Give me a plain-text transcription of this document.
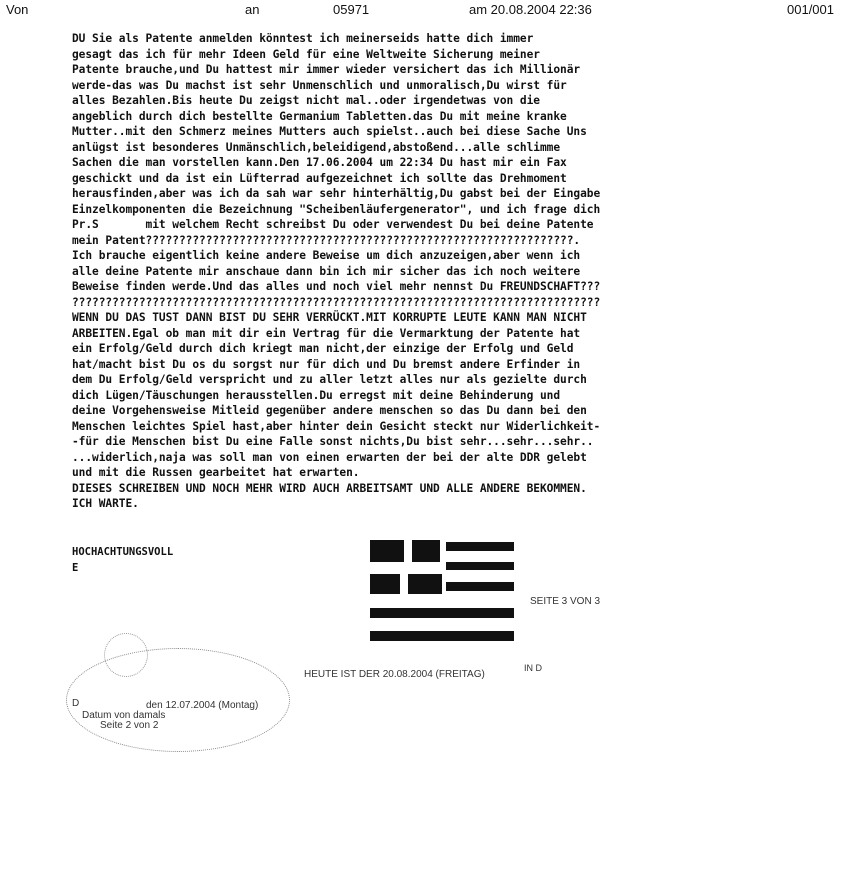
Von	an	05971	am 20.08.2004 22:36	001/001
DU Sie als Patente anmelden könntest ich meinerseids hatte dich immer
gesagt das ich für mehr Ideen Geld für eine Weltweite Sicherung meiner
Patente brauche,und Du hattest mir immer wieder versichert das ich Millionär
werde-das was Du machst ist sehr Unmenschlich und unmoralisch,Du wirst für
alles Bezahlen.Bis heute Du zeigst nicht mal..oder irgendetwas von die
angeblich durch dich bestellte Germanium Tabletten.das Du mit meine kranke
Mutter..mit den Schmerz meines Mutters auch spielst..auch bei diese Sache Uns
anlügst ist besonderes Unmänschlich,beleidigend,abstoßend...alle schlimme
Sachen die man vorstellen kann.Den 17.06.2004 um 22:34 Du hast mir ein Fax
geschickt und da ist ein Lüfterrad aufgezeichnet ich sollte das Drehmoment
herausfinden,aber was ich da sah war sehr hinterhältig,Du gabst bei der Eingabe
Einzelkomponenten die Bezeichnung "Scheibenläufergenerator", und ich frage dich
Pr.S       mit welchem Recht schreibst Du oder verwendest Du bei deine Patente
mein Patent????????????????????????????????????????????????????????????????.
Ich brauche eigentlich keine andere Beweise um dich anzuzeigen,aber wenn ich
alle deine Patente mir anschaue dann bin ich mir sicher das ich noch weitere
Beweise finden werde.Und das alles und noch viel mehr nennst Du FREUNDSCHAFT???
???????????????????????????????????????????????????????????????????????????????
WENN DU DAS TUST DANN BIST DU SEHR VERRÜCKT.MIT KORRUPTE LEUTE KANN MAN NICHT
ARBEITEN.Egal ob man mit dir ein Vertrag für die Vermarktung der Patente hat
ein Erfolg/Geld durch dich kriegt man nicht,der einzige der Erfolg und Geld
hat/macht bist Du os du sorgst nur für dich und Du bremst andere Erfinder in
dem Du Erfolg/Geld verspricht und zu aller letzt alles nur als gezielte durch
dich Lügen/Täuschungen herausstellen.Du erregst mit deine Behinderung und
deine Vorgehensweise Mitleid gegenüber andere menschen so das Du dann bei den
Menschen leichtes Spiel hast,aber hinter dein Gesicht steckt nur Widerlichkeit-
-für die Menschen bist Du eine Falle sonst nichts,Du bist sehr...sehr...sehr..
...widerlich,naja was soll man von einen erwarten der bei der alte DDR gelebt
und mit die Russen gearbeitet hat erwarten.
DIESES SCHREIBEN UND NOCH MEHR WIRD AUCH ARBEITSAMT UND ALLE ANDERE BEKOMMEN.
ICH WARTE.
HOCHACHTUNGSVOLL
E
SEITE 3 VON 3
HEUTE IST DER 20.08.2004 (FREITAG)
IN D
D	den 12.07.2004 (Montag)
Datum von damals
Seite 2 von 2
